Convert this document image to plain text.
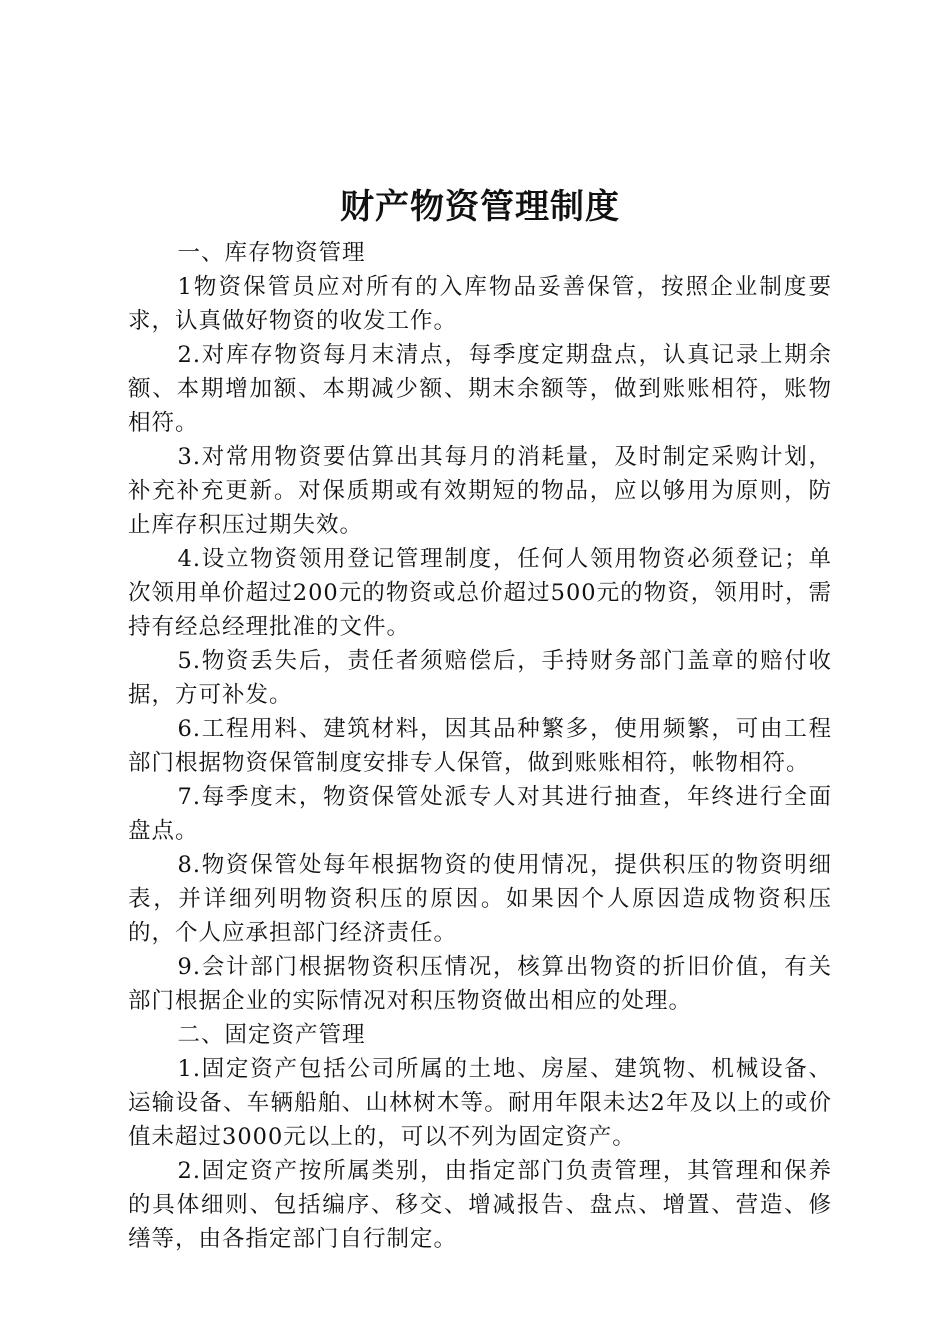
财产物资管理制度

一、库存物资管理

1物资保管员应对所有的入库物品妥善保管，按照企业制度要求，认真做好物资的收发工作。

2.对库存物资每月末清点，每季度定期盘点，认真记录上期余额、本期增加额、本期减少额、期末余额等，做到账账相符，账物相符。

3.对常用物资要估算出其每月的消耗量，及时制定采购计划，补充补充更新。对保质期或有效期短的物品，应以够用为原则，防止库存积压过期失效。

4.设立物资领用登记管理制度，任何人领用物资必须登记；单次领用单价超过200元的物资或总价超过500元的物资，领用时，需持有经总经理批准的文件。

5.物资丢失后，责任者须赔偿后，手持财务部门盖章的赔付收据，方可补发。

6.工程用料、建筑材料，因其品种繁多，使用频繁，可由工程部门根据物资保管制度安排专人保管，做到账账相符，帐物相符。

7.每季度末，物资保管处派专人对其进行抽查，年终进行全面盘点。

8.物资保管处每年根据物资的使用情况，提供积压的物资明细表，并详细列明物资积压的原因。如果因个人原因造成物资积压的，个人应承担部门经济责任。

9.会计部门根据物资积压情况，核算出物资的折旧价值，有关部门根据企业的实际情况对积压物资做出相应的处理。

二、固定资产管理

1.固定资产包括公司所属的土地、房屋、建筑物、机械设备、运输设备、车辆船舶、山林树木等。耐用年限未达2年及以上的或价值未超过3000元以上的，可以不列为固定资产。

2.固定资产按所属类别，由指定部门负责管理，其管理和保养的具体细则、包括编序、移交、增减报告、盘点、增置、营造、修缮等，由各指定部门自行制定。
